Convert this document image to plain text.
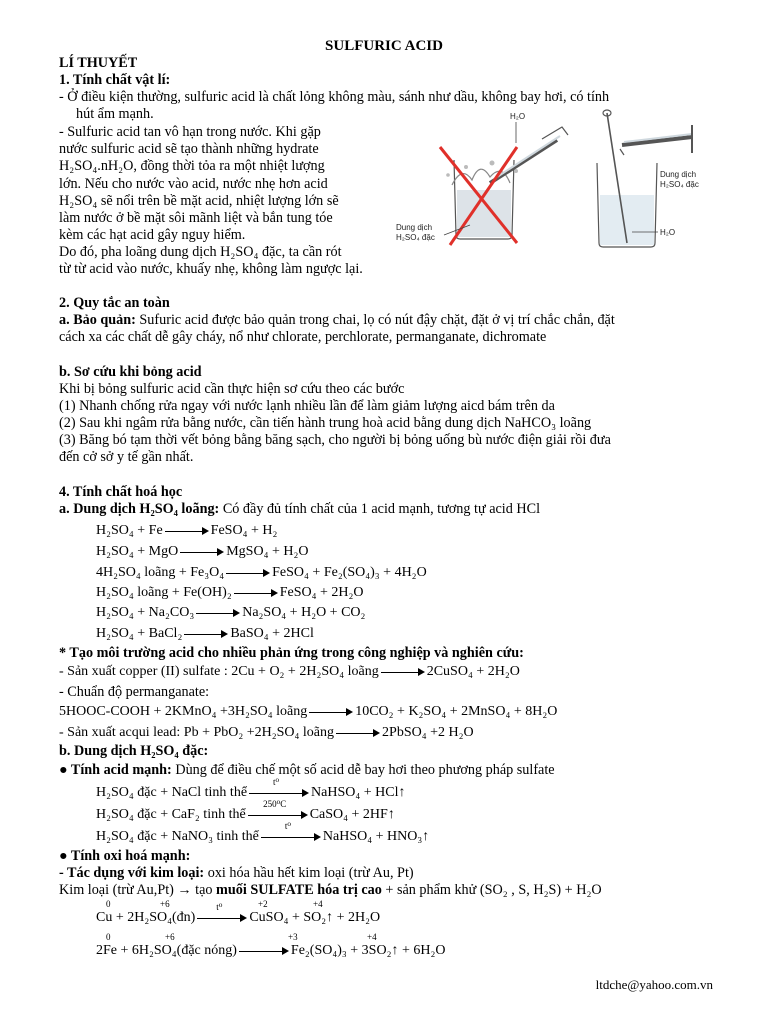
SULFURIC ACID
LÍ THUYẾT
1. Tính chất vật lí:
- Ở điều kiện thường, sulfuric acid là chất lỏng không màu, sánh như dầu, không bay hơi, có tính
hút ẩm mạnh.
- Sulfuric acid tan vô hạn trong nước. Khi gặp
nước sulfuric acid sẽ tạo thành những hydrate
H₂SO₄.nH₂O, đồng thời tỏa ra một nhiệt lượng
lớn. Nếu cho nước vào acid, nước nhẹ hơn acid
H₂SO₄ sẽ nổi trên bề mặt acid, nhiệt lượng lớn sẽ
làm nước ở bề mặt sôi mãnh liệt và bắn tung tóe
kèm các hạt acid gây nguy hiểm.
Do đó, pha loãng dung dịch H₂SO₄ đặc, ta cần rót
từ từ acid vào nước, khuấy nhẹ, không làm ngược lại.
H₂O
Dung dịch
H₂SO₄ đặc
Dung dịch
H₂SO₄ đặc
H₂O
2. Quy tắc an toàn
a. Bảo quản: Sufuric acid được bảo quản trong chai, lọ có nút đậy chặt, đặt ở vị trí chắc chắn, đặt
cách xa các chất dễ gây cháy, nổ như chlorate, perchlorate, permanganate, dichromate
b. Sơ cứu khi bỏng acid
Khi bị bỏng sulfuric acid cần thực hiện sơ cứu theo các bước
(1) Nhanh chống rửa ngay với nước lạnh nhiều lần để làm giảm lượng aicd bám trên da
(2) Sau khi ngâm rửa bằng nước, cần tiến hành trung hoà acid bằng dung dịch NaHCO₃ loãng
(3) Băng bó tạm thời vết bỏng bằng băng sạch, cho người bị bỏng uống bù nước điện giải rồi đưa
đến cở sở y tế gần nhất.
4. Tính chất hoá học
a. Dung dịch H₂SO₄ loãng: Có đầy đủ tính chất của 1 acid mạnh, tương tự acid HCl
H₂SO₄ + Fe	FeSO₄ + H₂
H₂SO₄ + MgO	MgSO₄ + H₂O
4H₂SO₄ loãng + Fe₃O₄	FeSO₄ + Fe₂(SO₄)₃ + 4H₂O
H₂SO₄ loãng + Fe(OH)₂	FeSO₄ + 2H₂O
H₂SO₄ + Na₂CO₃	Na₂SO₄ + H₂O + CO₂
H₂SO₄ + BaCl₂	BaSO₄ + 2HCl
* Tạo môi trường acid cho nhiều phản ứng trong công nghiệp và nghiên cứu:
- Sản xuất copper (II) sulfate : 2Cu + O₂ + 2H₂SO₄ loãng	2CuSO₄ + 2H₂O
- Chuẩn độ permanganate:
5HOOC-COOH + 2KMnO₄ +3H₂SO₄ loãng	10CO₂ + K₂SO₄ + 2MnSO₄ + 8H₂O
- Sản xuất acqui lead: Pb + PbO₂ +2H₂SO₄ loãng	2PbSO₄ +2 H₂O
b. Dung dịch H₂SO₄ đặc:
● Tính acid mạnh: Dùng để điều chế một số acid dễ bay hơi theo phương pháp sulfate
H₂SO₄ đặc + NaCl tinh thể
t⁰
NaHSO₄ + HCl↑
H₂SO₄ đặc + CaF₂ tinh thể
250⁰C
CaSO₄ + 2HF↑
H₂SO₄ đặc + NaNO₃ tinh thể
t⁰
NaHSO₄ + HNO₃↑
● Tính oxi hoá mạnh:
- Tác dụng với kim loại: oxi hóa hầu hết kim loại (trừ Au, Pt)
Kim loại (trừ Au,Pt) → tạo muối SULFATE hóa trị cao + sản phẩm khử (SO₂ , S, H₂S) + H₂O
0	+6	+2	+4
Cu + 2H₂SO₄(đn)
t⁰
CuSO₄ + SO₂↑ + 2H₂O
0	+6	+3	+4
2Fe + 6H₂SO₄(đặc nóng)	Fe₂(SO₄)₃ + 3SO₂↑ + 6H₂O
ltdche@yahoo.com.vn
